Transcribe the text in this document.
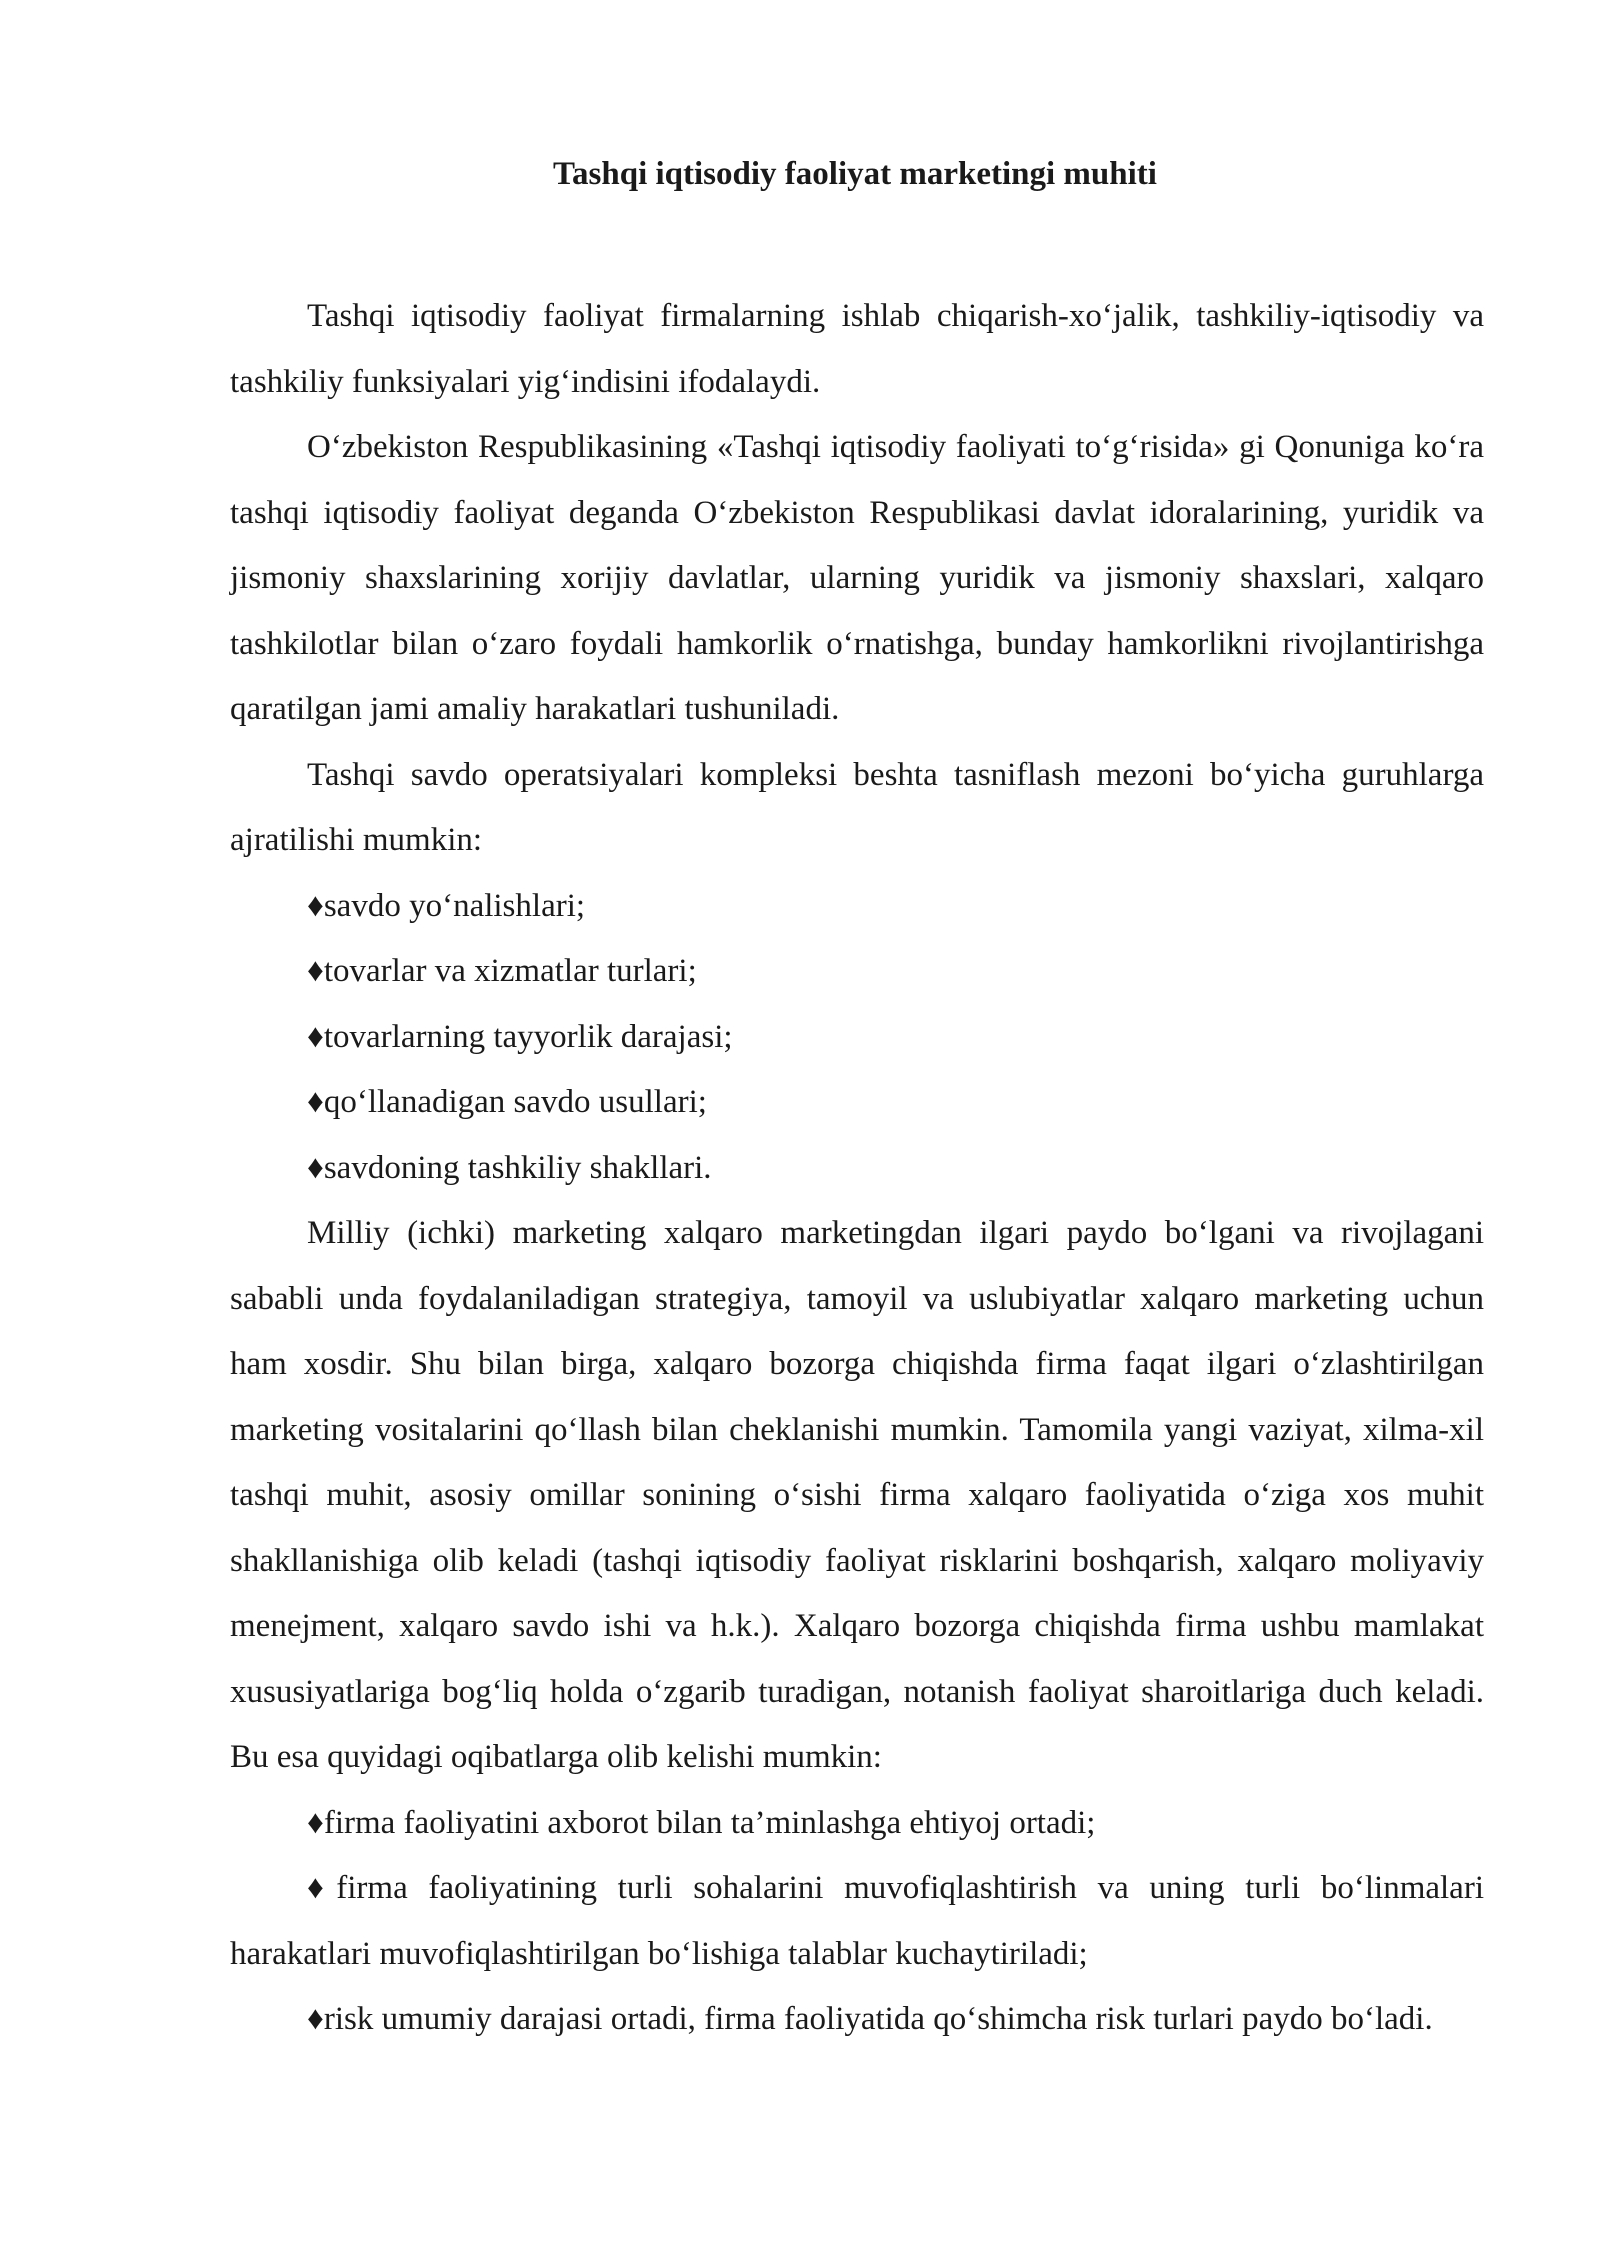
Tashqi iqtisodiy faoliyat marketingi muhiti

Tashqi iqtisodiy faoliyat firmalarning ishlab chiqarish-xo‘jalik, tashkiliy-iqtisodiy va tashkiliy funksiyalari yig‘indisini ifodalaydi.

O‘zbekiston Respublikasining «Tashqi iqtisodiy faoliyati to‘g‘risida» gi Qonuniga ko‘ra tashqi iqtisodiy faoliyat deganda O‘zbekiston Respublikasi davlat idoralarining, yuridik va jismoniy shaxslarining xorijiy davlatlar, ularning yuridik va jismoniy shaxslari, xalqaro tashkilotlar bilan o‘zaro foydali hamkorlik o‘rnatishga, bunday hamkorlikni rivojlantirishga qaratilgan jami amaliy harakatlari tushuniladi.

Tashqi savdo operatsiyalari kompleksi beshta tasniflash mezoni bo‘yicha guruhlarga ajratilishi mumkin:

♦savdo yo‘nalishlari;

♦tovarlar va xizmatlar turlari;

♦tovarlarning tayyorlik darajasi;

♦qo‘llanadigan savdo usullari;

♦savdoning tashkiliy shakllari.

Milliy (ichki) marketing xalqaro marketingdan ilgari paydo bo‘lgani va rivojlagani sababli unda foydalaniladigan strategiya, tamoyil va uslubiyatlar xalqaro marketing uchun ham xosdir. Shu bilan birga, xalqaro bozorga chiqishda firma faqat ilgari o‘zlashtirilgan marketing vositalarini qo‘llash bilan cheklanishi mumkin. Tamomila yangi vaziyat, xilma-xil tashqi muhit, asosiy omillar sonining o‘sishi firma xalqaro faoliyatida o‘ziga xos muhit shakllanishiga olib keladi (tashqi iqtisodiy faoliyat risklarini boshqarish, xalqaro moliyaviy menejment, xalqaro savdo ishi va h.k.). Xalqaro bozorga chiqishda firma ushbu mamlakat xususiyatlariga bog‘liq holda o‘zgarib turadigan, notanish faoliyat sharoitlariga duch keladi. Bu esa quyidagi oqibatlarga olib kelishi mumkin:

♦firma faoliyatini axborot bilan ta’minlashga ehtiyoj ortadi;

♦firma faoliyatining turli sohalarini muvofiqlashtirish va uning turli bo‘linmalari harakatlari muvofiqlashtirilgan bo‘lishiga talablar kuchaytiriladi;

♦risk umumiy darajasi ortadi, firma faoliyatida qo‘shimcha risk turlari paydo bo‘ladi.
